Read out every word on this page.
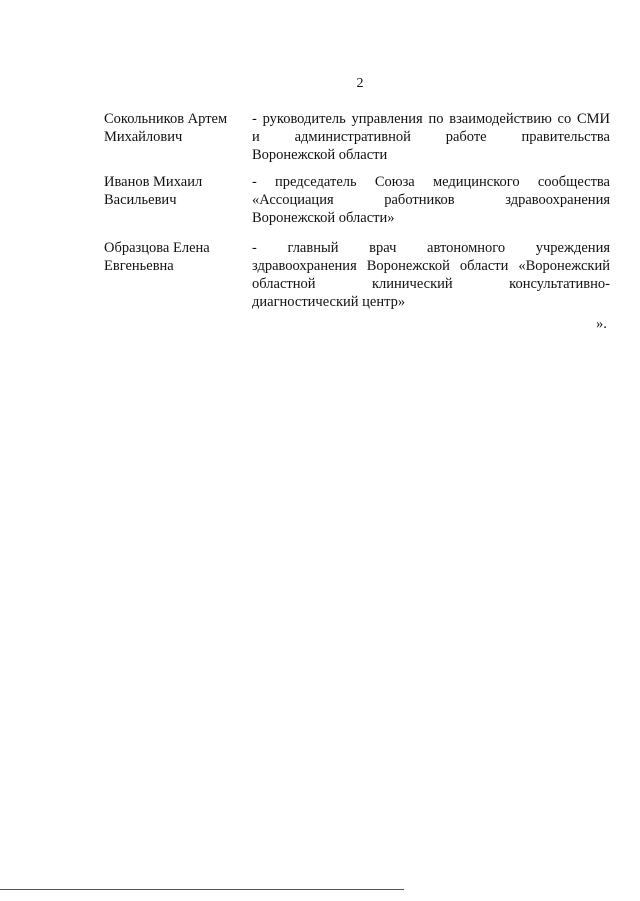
2
Сокольников Артем
Михайлович
- руководитель управления по взаимодействию со СМИ
и административной работе правительства
Воронежской области
Иванов Михаил
Васильевич
- председатель Союза медицинского сообщества
«Ассоциация работников здравоохранения
Воронежской области»
Образцова Елена
Евгеньевна
- главный врач автономного учреждения
здравоохранения Воронежской области «Воронежский
областной клинический консультативно-
диагностический центр»
».
